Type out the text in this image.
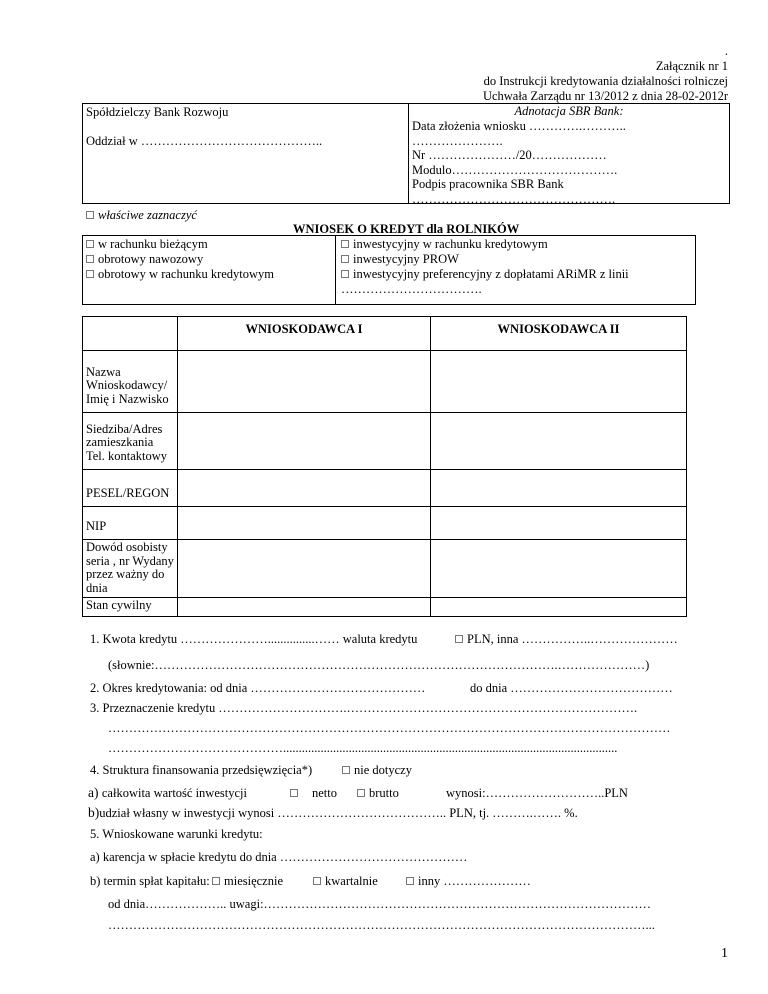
.
Załącznik nr 1
do Instrukcji kredytowania działalności rolniczej
Uchwała Zarządu nr 13/2012 z dnia 28-02-2012r
Spółdzielczy Bank Rozwoju
Oddział w ……………………………………..
Adnotacja SBR Bank:
Data złożenia wniosku ………….……….. ………………….
Nr …………………/20………………
Modulo………………………………….
Podpis pracownika SBR Bank
………………………………………….
właściwe zaznaczyć
WNIOSEK O KREDYT dla ROLNIKÓW
w rachunku bieżącym
obrotowy nawozowy
obrotowy w rachunku kredytowym
inwestycyjny w rachunku kredytowym
inwestycyjny PROW
inwestycyjny preferencyjny z dopłatami ARiMR z linii …………………………….
	WNIOSKODAWCA I	WNIOSKODAWCA II
Nazwa Wnioskodawcy/ Imię i Nazwisko		
Siedziba/Adres zamieszkania Tel. kontaktowy		
PESEL/REGON		
NIP		
Dowód osobisty seria , nr Wydany przez ważny do dnia		
Stan cywilny		
1. Kwota kredytu …………………...............…… waluta kredytu	PLN, inna ……………..…………………
(słownie:…………………………………………………………………………………….…………………)
2. Okres kredytowania: od dnia ……………………………………	do dnia …………………………………
3. Przeznaczenie kredytu ………………………….…………………………………………………………….
………………………………………………………………………………………………………………………
……………………………………...........................................................................................................
4. Struktura finansowania przedsięwzięcia*)	nie dotyczy
a) całkowita wartość inwestycji	netto	brutto	wynosi:………………………..PLN
b)udział własny w inwestycji wynosi ………………………………….. PLN, tj. ……….……. %.
5. Wnioskowane warunki kredytu:
a) karencja w spłacie kredytu do dnia ………………………………………
b) termin spłat kapitału:	miesięcznie	kwartalnie	inny …………………
od dnia……………….. uwagi:…………………………………………………………………………………
…………………………………………………………………………………………………………………...
1
